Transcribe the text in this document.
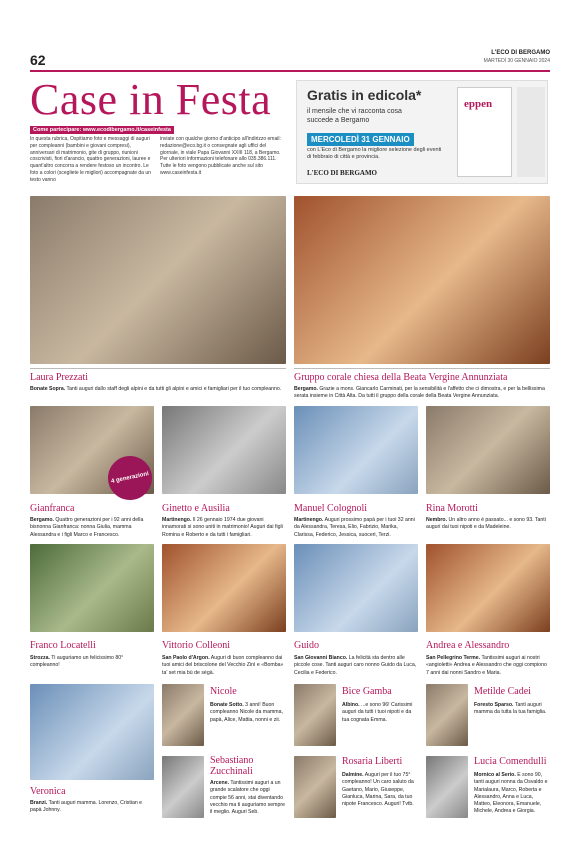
62	L'ECO DI BERGAMO
MARTEDÌ 30 GENNAIO 2024
Case in Festa
Come partecipare: www.ecodibergamo.it/caseinfesta
In questa rubrica, Ospitiamo foto e messaggi di auguri per compleanni (bambini e giovani compresi), anniversari di matrimonio, gite di gruppo, riunioni coscrivisti, fiori d'arancio, quattro generazioni, lauree e quant'altro concorra a rendere festoso un incontro. Le foto a colori (scegliete le migliori) accompagnate da un testo vanno
inviate con qualche giorno d'anticipo all'indirizzo email: redazione@eco.bg.it o consegnate agli uffici del giornale, in viale Papa Giovanni XXIII 118, a Bergamo. Per ulteriori informazioni telefonare allo 035.386.111. Tutte le foto vengono pubblicate anche sul sito www.caseinfesta.it
Gratis in edicola*
il mensile che vi racconta cosa succede a Bergamo
MERCOLEDÌ 31 GENNAIO
con L'Eco di Bergamo la migliore selezione degli eventi di febbraio di città e provincia.
L'ECO DI BERGAMO
eppen
Laura Prezzati
Bonate Sopra. Tanti auguri dallo staff degli alpini e da tutti gli alpini e amici e famigliari per il tuo compleanno.
Gruppo corale chiesa della Beata Vergine Annunziata
Bergamo. Grazie a mons. Giancarlo Carminati, per la sensibilità e l'affetto che ci dimostra, e per la bellissima serata insieme in Città Alta. Da tutti il gruppo della corale della Beata Vergine Annunziata.
4 generazioni
Gianfranca
Bergamo. Quattro generazioni per i 92 anni della bisnonna Gianfranca: nonna Giulia, mamma Alessandra e i figli Marco e Francesco.
Ginetto e Ausilia
Martinengo. Il 26 gennaio 1974 due giovani innamorati si sono uniti in matrimonio! Auguri dai figli Romina e Roberto e da tutti i famigliari.
Manuel Colognoli
Martinengo. Auguri prossimo papà per i tuoi 32 anni da Alessandra, Teresa, Elio, Fabrizio, Marika, Clarissa, Federico, Jessica, suoceri, Terzi.
Rina Morotti
Nembro. Un altro anno è passato... e sono 93. Tanti auguri dai tuoi nipoti e da Madeleine.
Franco Locatelli
Strozza. Ti auguriamo un felicissimo 80° compleanno!
Vittorio Colleoni
San Paolo d'Argon. Auguri di buon compleanno dai tuoi amici del briscolone del Vecchio Zinì e «Bomba» ta' set mia bù de sègà.
Guido
San Giovanni Bianco. La felicità sta dentro alle piccole cose. Tanti auguri caro nonno Guido da Luca, Cecilia e Federico.
Andrea e Alessandro
San Pellegrino Terme. Tantissimi auguri ai nostri «angioletti» Andrea e Alessandro che oggi compiono 7 anni dai nonni Sandro e Maria.
Veronica
Branzi. Tanti auguri mamma. Lorenzo, Cristian e papà Johnny.
Nicole
Bonate Sotto. 3 anni! Buon compleanno Nicole da mamma, papà, Alice, Mattia, nonni e zii.
Bice Gamba
Albino. ...e sono 96! Carissimi auguri da tutti i tuoi nipoti e da tua cognata Emma.
Metilde Cadei
Foresto Sparso. Tanti auguri mamma da tutta la tua famiglia.
Sebastiano Zucchinali
Arcene. Tantissimi auguri a un grande scalatore che oggi compie 56 anni, stai diventando vecchio ma ti auguriamo sempre il meglio. Auguri Seb.
Rosaria Liberti
Dalmine. Auguri per il tuo 75° compleanno! Un caro saluto da Gaetano, Mario, Giuseppe, Gianluca, Marina, Sara, da tuo nipote Francesco. Auguri! Tvtb.
Lucia Comendulli
Mornico al Serio. E sono 90, tanti auguri nonna da Osvaldo e Marialaura, Marco, Roberta e Alessandro, Anna e Luca, Matteo, Eleonora, Emanuele, Michele, Andrea e Giorgia.
